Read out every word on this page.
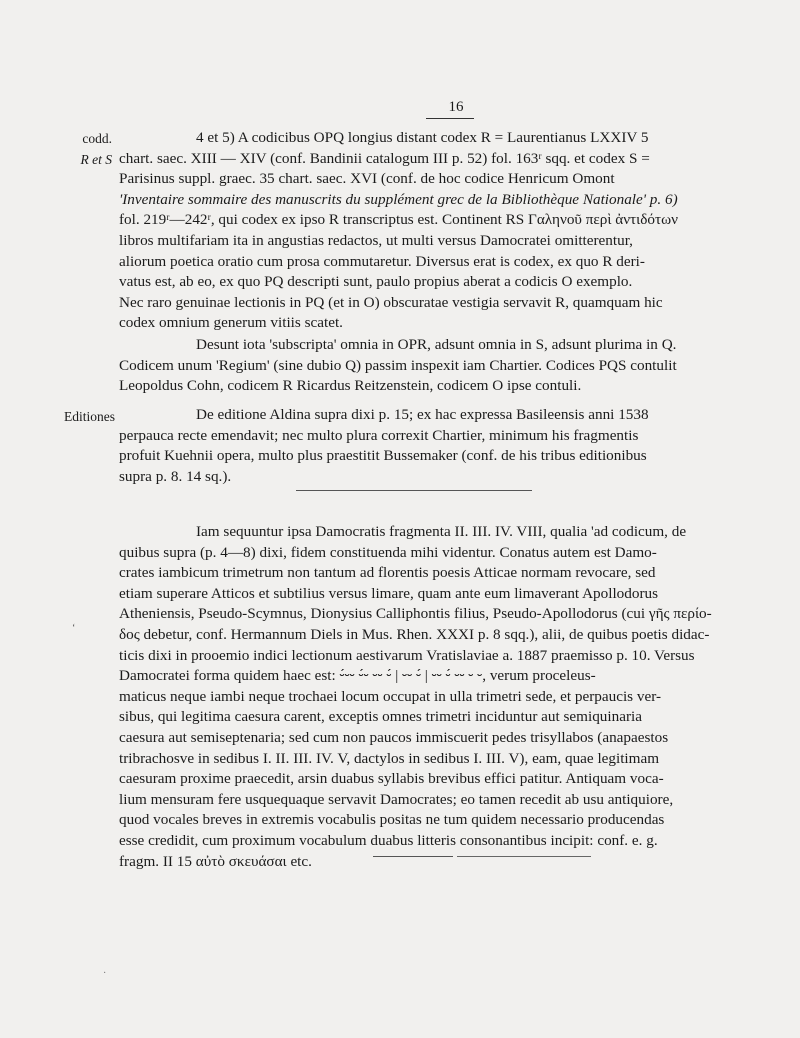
16
codd.
R et S
Editiones
4 et 5) A codicibus OPQ longius distant codex R = Laurentianus LXXIV 5
chart. saec. XIII — XIV (conf. Bandinii catalogum III p. 52) fol. 163ʳ sqq. et codex S =
Parisinus suppl. graec. 35 chart. saec. XVI (conf. de hoc codice Henricum Omont
'Inventaire sommaire des manuscrits du supplément grec de la Bibliothèque Nationale' p. 6)
fol. 219ʳ—242ʳ, qui codex ex ipso R transcriptus est. Continent RS Γαληνοῦ περὶ ἀντιδότων
libros multifariam ita in angustias redactos, ut multi versus Damocratei omitterentur,
aliorum poetica oratio cum prosa commutaretur. Diversus erat is codex, ex quo R deri-
vatus est, ab eo, ex quo PQ descripti sunt, paulo propius aberat a codicis O exemplo.
Nec raro genuinae lectionis in PQ (et in O) obscuratae vestigia servavit R, quamquam hic
codex omnium generum vitiis scatet.
Desunt iota 'subscripta' omnia in OPR, adsunt omnia in S, adsunt plurima in Q.
Codicem unum 'Regium' (sine dubio Q) passim inspexit iam Chartier. Codices PQS contulit
Leopoldus Cohn, codicem R Ricardus Reitzenstein, codicem O ipse contuli.
De editione Aldina supra dixi p. 15; ex hac expressa Basileensis anni 1538
perpauca recte emendavit; nec multo plura correxit Chartier, minimum his fragmentis
profuit Kuehnii opera, multo plus praestitit Bussemaker (conf. de his tribus editionibus
supra p. 8. 14 sq.).
Iam sequuntur ipsa Damocratis fragmenta II. III. IV. VIII, qualia 'ad codicum, de
quibus supra (p. 4—8) dixi, fidem constituenda mihi videntur. Conatus autem est Damo-
crates iambicum trimetrum non tantum ad florentis poesis Atticae normam revocare, sed
etiam superare Atticos et subtilius versus limare, quam ante eum limaverant Apollodorus
Atheniensis, Pseudo-Scymnus, Dionysius Calliphontis filius, Pseudo-Apollodorus (cui γῆς περίο-
δος debetur, conf. Hermannum Diels in Mus. Rhen. XXXI p. 8 sqq.), alii, de quibus poetis didac-
ticis dixi in prooemio indici lectionum aestivarum Vratislaviae a. 1887 praemisso p. 10. Versus
Damocratei forma quidem haec est: ⏑́⏑⏑ ⏑́⏑ ⏑⏑ ⏑́ | ⏑⏑ ⏑́ | ⏑⏑ ⏑́ ⏑⏑ ⏑ ⏑, verum proceleus-
maticus neque iambi neque trochaei locum occupat in ulla trimetri sede, et perpaucis ver-
sibus, qui legitima caesura carent, exceptis omnes trimetri inciduntur aut semiquinaria
caesura aut semiseptenaria; sed cum non paucos immiscuerit pedes trisyllabos (anapaestos
tribrachosve in sedibus I. II. III. IV. V, dactylos in sedibus I. III. V), eam, quae legitimam
caesuram proxime praecedit, arsin duabus syllabis brevibus effici patitur. Antiquam voca-
lium mensuram fere usquequaque servavit Damocrates; eo tamen recedit ab usu antiquiore,
quod vocales breves in extremis vocabulis positas ne tum quidem necessario producendas
esse credidit, cum proximum vocabulum duabus litteris consonantibus incipit: conf. e. g.
fragm. II 15 αὐτὸ σκευάσαι etc.
‘
·
